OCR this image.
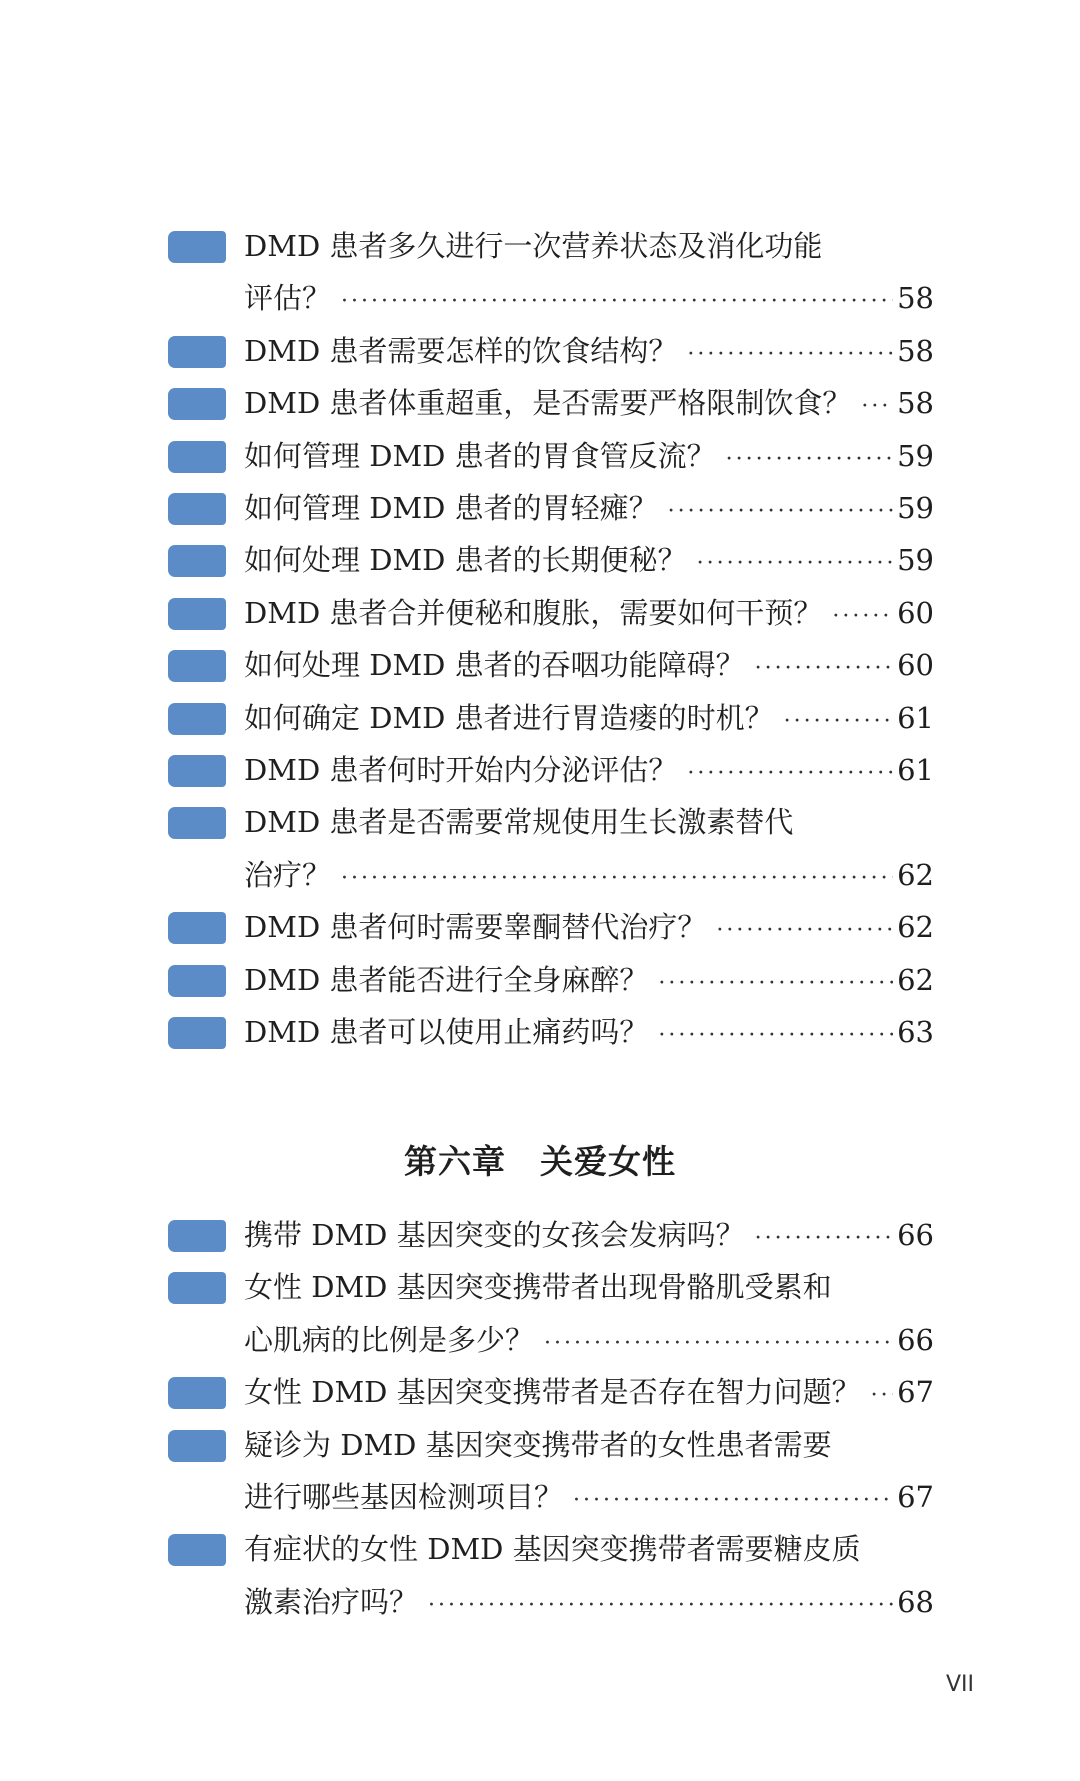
DMD 患者多久进行一次营养状态及消化功能
评估？ ·····	58
DMD 患者需要怎样的饮食结构？ ·····	58
DMD 患者体重超重，是否需要严格限制饮食？ ····· 58
如何管理 DMD 患者的胃食管反流？ ·····	59
如何管理 DMD 患者的胃轻瘫？ ·····	59
如何处理 DMD 患者的长期便秘？ ·····	59
DMD 患者合并便秘和腹胀，需要如何干预？ ·····	60
如何处理 DMD 患者的吞咽功能障碍？ ·····	60
如何确定 DMD 患者进行胃造瘘的时机？ ·····	61
DMD 患者何时开始内分泌评估？ ·····	61
DMD 患者是否需要常规使用生长激素替代
治疗？ ·····	62
DMD 患者何时需要睾酮替代治疗？ ·····	62
DMD 患者能否进行全身麻醉？ ·····	62
DMD 患者可以使用止痛药吗？ ·····	63
第六章　关爱女性
携带 DMD 基因突变的女孩会发病吗？ ·····	66
女性 DMD 基因突变携带者出现骨骼肌受累和
心肌病的比例是多少？ ·····	66
女性 DMD 基因突变携带者是否存在智力问题？ ····· 67
疑诊为 DMD 基因突变携带者的女性患者需要
进行哪些基因检测项目？ ·····	67
有症状的女性 DMD 基因突变携带者需要糖皮质
激素治疗吗？ ·····	68
VII
